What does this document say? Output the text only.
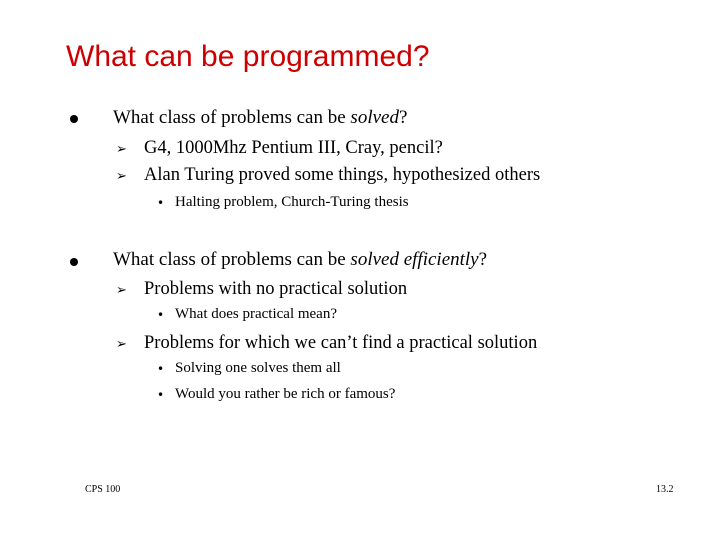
What can be programmed?
What class of problems can be solved?
➢ G4, 1000Mhz Pentium III, Cray, pencil?
➢ Alan Turing proved some things, hypothesized others
• Halting problem, Church-Turing thesis
What class of problems can be solved efficiently?
➢ Problems with no practical solution
• What does practical mean?
➢ Problems for which we can’t find a practical solution
• Solving one solves them all
• Would you rather be rich or famous?
CPS 100	13.2
